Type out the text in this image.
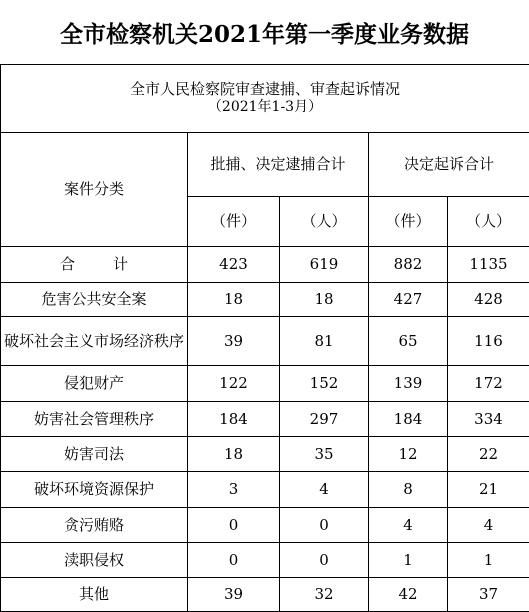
全市检察机关2021年第一季度业务数据
全市人民检察院审查逮捕、审查起诉情况
（2021年1-3月）				

案件分类	批捕、决定逮捕合计		决定起诉合计	
	（件）	（人）	（件）	（人）
合 计	423	619	882	1135
危害公共安全案	18	18	427	428
破坏社会主义市场经济秩序	39	81	65	116
侵犯财产	122	152	139	172
妨害社会管理秩序	184	297	184	334
妨害司法	18	35	12	22
破坏环境资源保护	3	4	8	21
贪污贿赂	0	0	4	4
渎职侵权	0	0	1	1
其他	39	32	42	37
